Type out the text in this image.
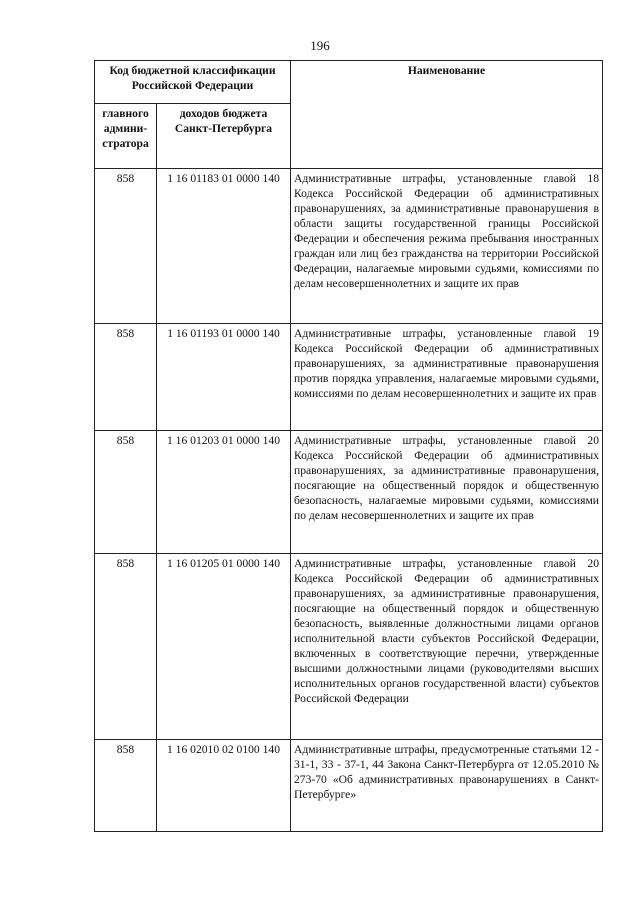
196
Код бюджетной классификации Российской Федерации		Наименование
главного админи-стратора	доходов бюджета Санкт-Петербурга	
858	1 16 01183 01 0000 140	Административные штрафы, установленные главой 18 Кодекса Российской Федерации об административных правонарушениях, за административные правонарушения в области защиты государственной границы Российской Федерации и обеспечения режима пребывания иностранных граждан или лиц без гражданства на территории Российской Федерации, налагаемые мировыми судьями, комиссиями по делам несовершеннолетних и защите их прав
858	1 16 01193 01 0000 140	Административные штрафы, установленные главой 19 Кодекса Российской Федерации об административных правонарушениях, за административные правонарушения против порядка управления, налагаемые мировыми судьями, комиссиями по делам несовершеннолетних и защите их прав
858	1 16 01203 01 0000 140	Административные штрафы, установленные главой 20 Кодекса Российской Федерации об административных правонарушениях, за административные правонарушения, посягающие на общественный порядок и общественную безопасность, налагаемые мировыми судьями, комиссиями по делам несовершеннолетних и защите их прав
858	1 16 01205 01 0000 140	Административные штрафы, установленные главой 20 Кодекса Российской Федерации об административных правонарушениях, за административные правонарушения, посягающие на общественный порядок и общественную безопасность, выявленные должностными лицами органов исполнительной власти субъектов Российской Федерации, включенных в соответствующие перечни, утвержденные высшими должностными лицами (руководителями высших исполнительных органов государственной власти) субъектов Российской Федерации
858	1 16 02010 02 0100 140	Административные штрафы, предусмотренные статьями 12 - 31-1, 33 - 37-1, 44 Закона Санкт-Петербурга от 12.05.2010 № 273-70 «Об административных правонарушениях в Санкт-Петербурге»
